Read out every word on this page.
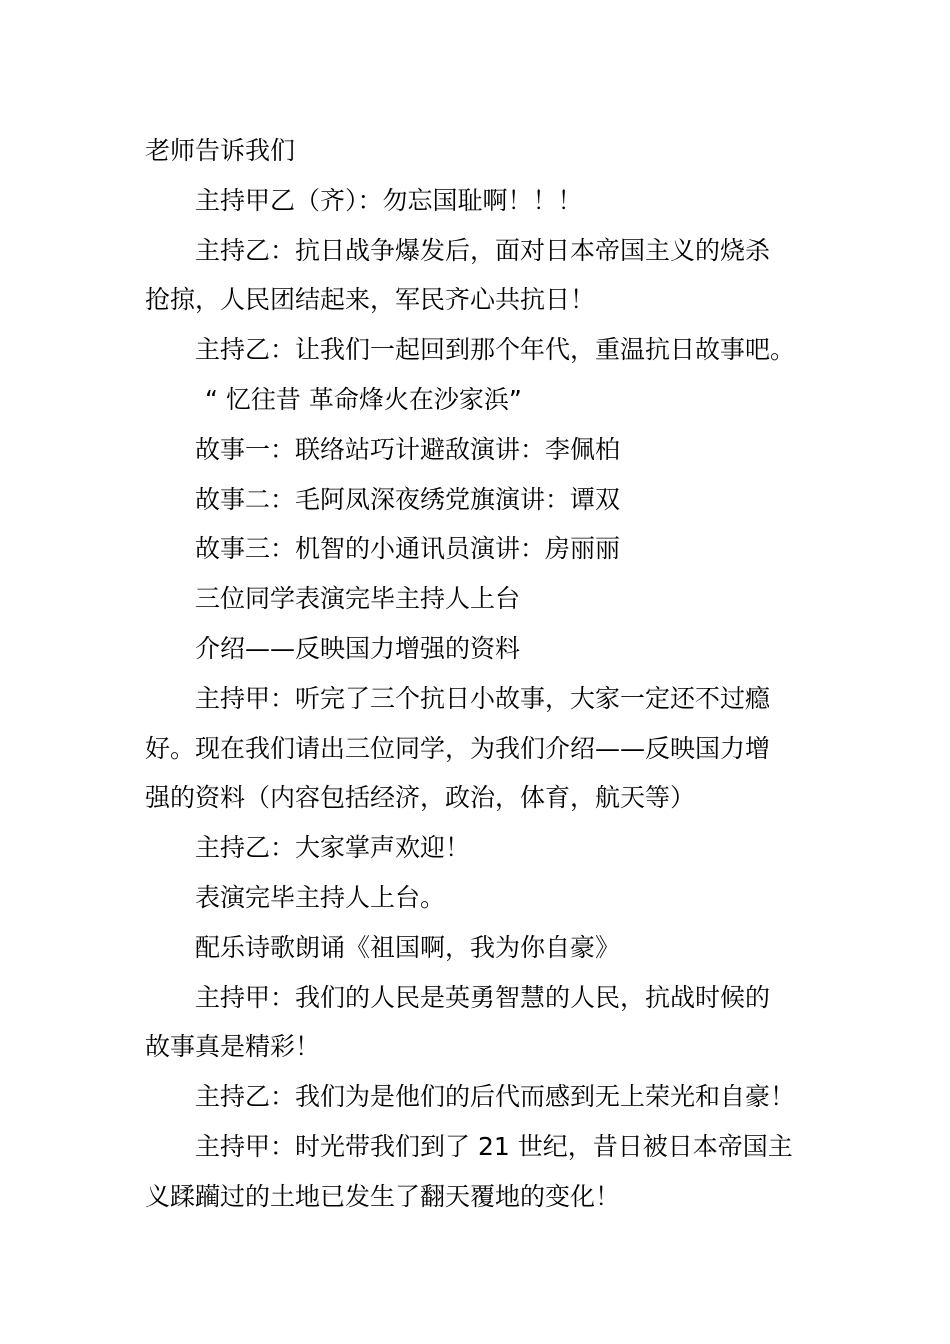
老师告诉我们
主持甲乙（齐）：勿忘国耻啊！！！
主持乙：抗日战争爆发后，面对日本帝国主义的烧杀
抢掠，人民团结起来，军民齐心共抗日！
主持乙：让我们一起回到那个年代，重温抗日故事吧。
“ 忆往昔 革命烽火在沙家浜”
故事一：联络站巧计避敌演讲：李佩柏
故事二：毛阿凤深夜绣党旗演讲：谭双
故事三：机智的小通讯员演讲：房丽丽
三位同学表演完毕主持人上台
介绍——反映国力增强的资料
主持甲：听完了三个抗日小故事，大家一定还不过瘾
好。现在我们请出三位同学，为我们介绍——反映国力增
强的资料（内容包括经济，政治，体育，航天等）
主持乙：大家掌声欢迎！
表演完毕主持人上台。
配乐诗歌朗诵《祖国啊，我为你自豪》
主持甲：我们的人民是英勇智慧的人民，抗战时候的
故事真是精彩！
主持乙：我们为是他们的后代而感到无上荣光和自豪！
主持甲：时光带我们到了 21 世纪，昔日被日本帝国主
义蹂躏过的土地已发生了翻天覆地的变化！
